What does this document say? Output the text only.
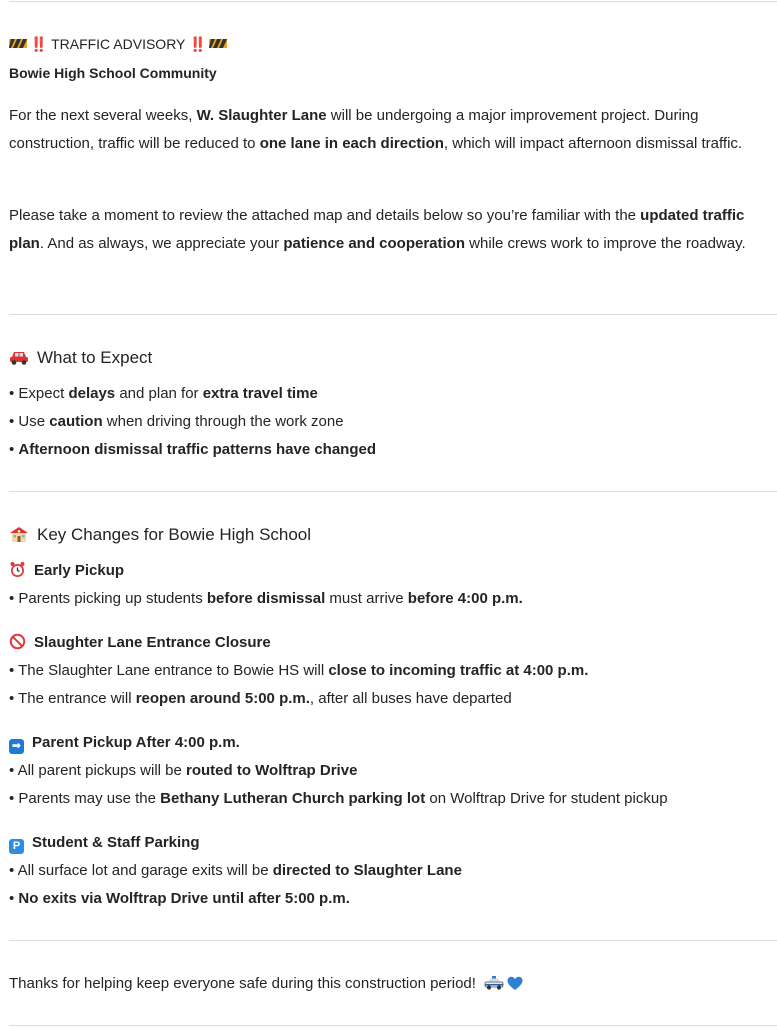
‼️ TRAFFIC ADVISORY ‼️
Bowie High School Community
For the next several weeks, W. Slaughter Lane will be undergoing a major improvement project. During construction, traffic will be reduced to one lane in each direction, which will impact afternoon dismissal traffic.
Please take a moment to review the attached map and details below so you’re familiar with the updated traffic plan. And as always, we appreciate your patience and cooperation while crews work to improve the roadway.
What to Expect
• Expect delays and plan for extra travel time
• Use caution when driving through the work zone
• Afternoon dismissal traffic patterns have changed
Key Changes for Bowie High School
Early Pickup
• Parents picking up students before dismissal must arrive before 4:00 p.m.
Slaughter Lane Entrance Closure
• The Slaughter Lane entrance to Bowie HS will close to incoming traffic at 4:00 p.m.
• The entrance will reopen around 5:00 p.m., after all buses have departed
➡ Parent Pickup After 4:00 p.m.
• All parent pickups will be routed to Wolftrap Drive
• Parents may use the Bethany Lutheran Church parking lot on Wolftrap Drive for student pickup
P Student & Staff Parking
• All surface lot and garage exits will be directed to Slaughter Lane
• No exits via Wolftrap Drive until after 5:00 p.m.
Thanks for helping keep everyone safe during this construction period!
